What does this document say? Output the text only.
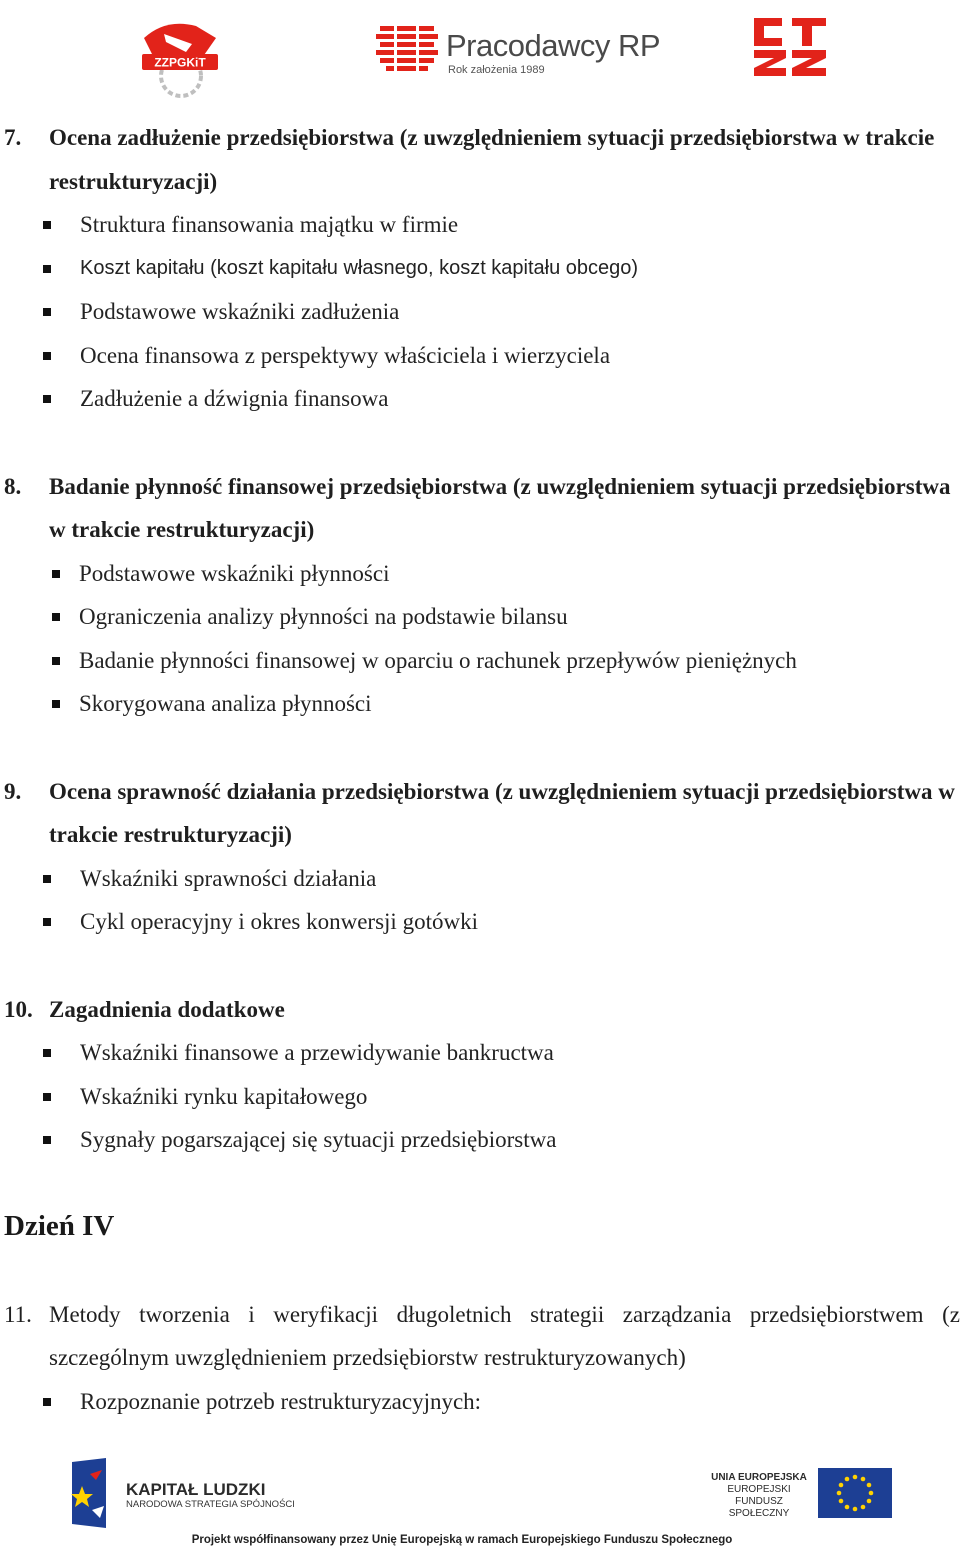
ZZPGKiT	Pracodawcy RP
Rok założenia 1989
7. Ocena zadłużenie przedsiębiorstwa (z uwzględnieniem sytuacji przedsiębiorstwa w trakcie restrukturyzacji)
Struktura finansowania majątku w firmie
Koszt kapitału (koszt kapitału własnego, koszt kapitału obcego)
Podstawowe wskaźniki zadłużenia
Ocena finansowa z perspektywy właściciela i wierzyciela
Zadłużenie a dźwignia finansowa
8. Badanie płynność finansowej przedsiębiorstwa (z uwzględnieniem sytuacji przedsiębiorstwa w trakcie restrukturyzacji)
Podstawowe wskaźniki płynności
Ograniczenia analizy płynności na podstawie bilansu
Badanie płynności finansowej w oparciu o rachunek przepływów pieniężnych
Skorygowana analiza płynności
9. Ocena sprawność działania przedsiębiorstwa (z uwzględnieniem sytuacji przedsiębiorstwa w trakcie restrukturyzacji)
Wskaźniki sprawności działania
Cykl operacyjny i okres konwersji gotówki
10. Zagadnienia dodatkowe
Wskaźniki finansowe a przewidywanie bankructwa
Wskaźniki rynku kapitałowego
Sygnały pogarszającej się sytuacji przedsiębiorstwa
Dzień IV
11. Metody tworzenia i weryfikacji długoletnich strategii zarządzania przedsiębiorstwem (z szczególnym uwzględnieniem przedsiębiorstw restrukturyzowanych)
Rozpoznanie potrzeb restrukturyzacyjnych:
KAPITAŁ LUDZKI
NARODOWA STRATEGIA SPÓJNOŚCI
UNIA EUROPEJSKA
EUROPEJSKI
FUNDUSZ SPOŁECZNY
Projekt współfinansowany przez Unię Europejską w ramach Europejskiego Funduszu Społecznego
